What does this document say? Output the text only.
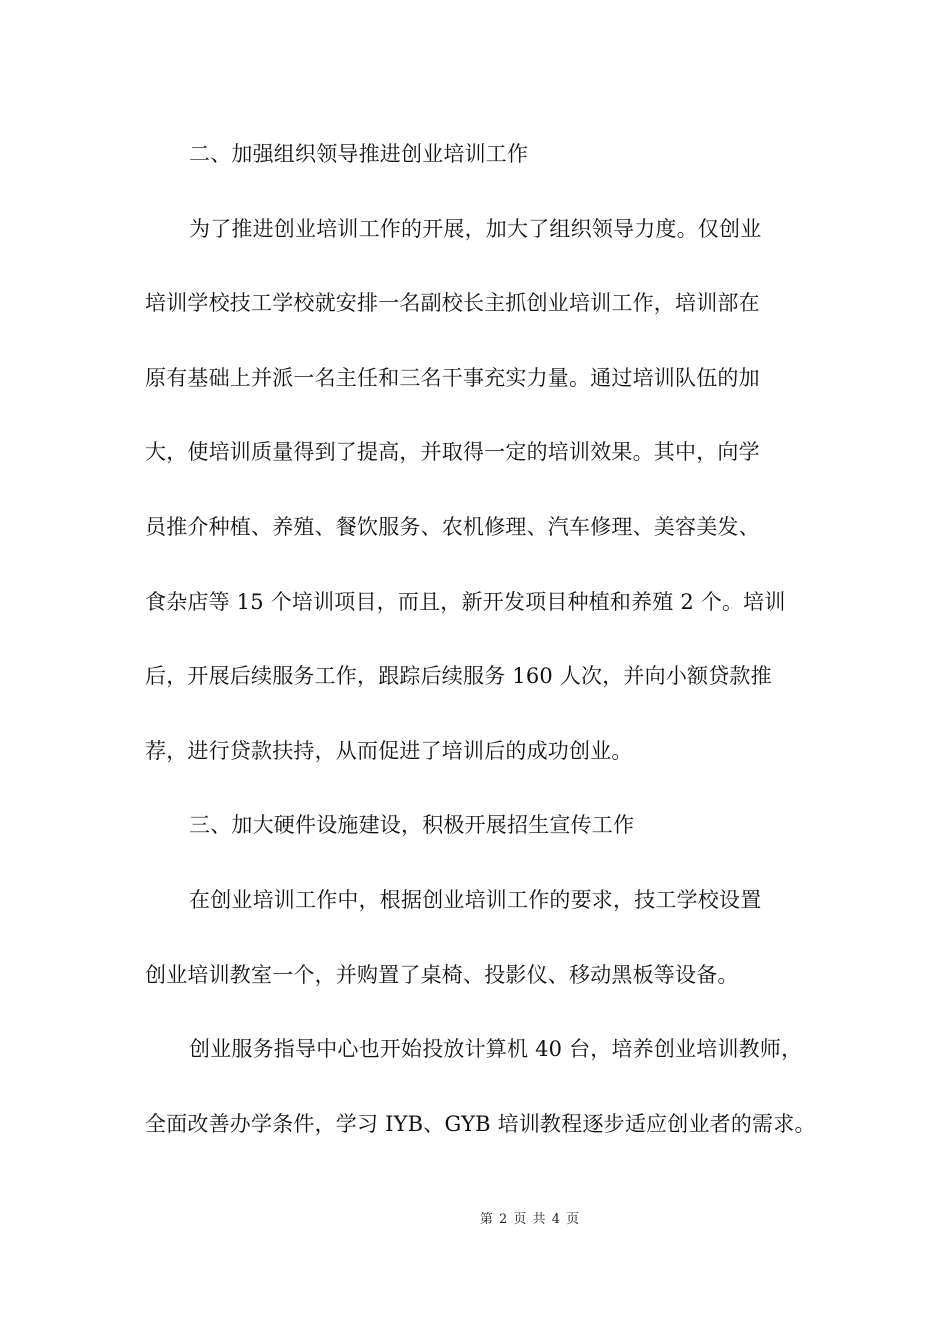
二、加强组织领导推进创业培训工作
为了推进创业培训工作的开展，加大了组织领导力度。仅创业
培训学校技工学校就安排一名副校长主抓创业培训工作，培训部在
原有基础上并派一名主任和三名干事充实力量。通过培训队伍的加
大，使培训质量得到了提高，并取得一定的培训效果。其中，向学
员推介种植、养殖、餐饮服务、农机修理、汽车修理、美容美发、
食杂店等 15 个培训项目，而且，新开发项目种植和养殖 2 个。培训
后，开展后续服务工作，跟踪后续服务 160 人次，并向小额贷款推
荐，进行贷款扶持，从而促进了培训后的成功创业。
三、加大硬件设施建设，积极开展招生宣传工作
在创业培训工作中，根据创业培训工作的要求，技工学校设置
创业培训教室一个，并购置了桌椅、投影仪、移动黑板等设备。
创业服务指导中心也开始投放计算机 40 台，培养创业培训教师，
全面改善办学条件，学习 IYB、GYB 培训教程逐步适应创业者的需求。
第 2 页 共 4 页
